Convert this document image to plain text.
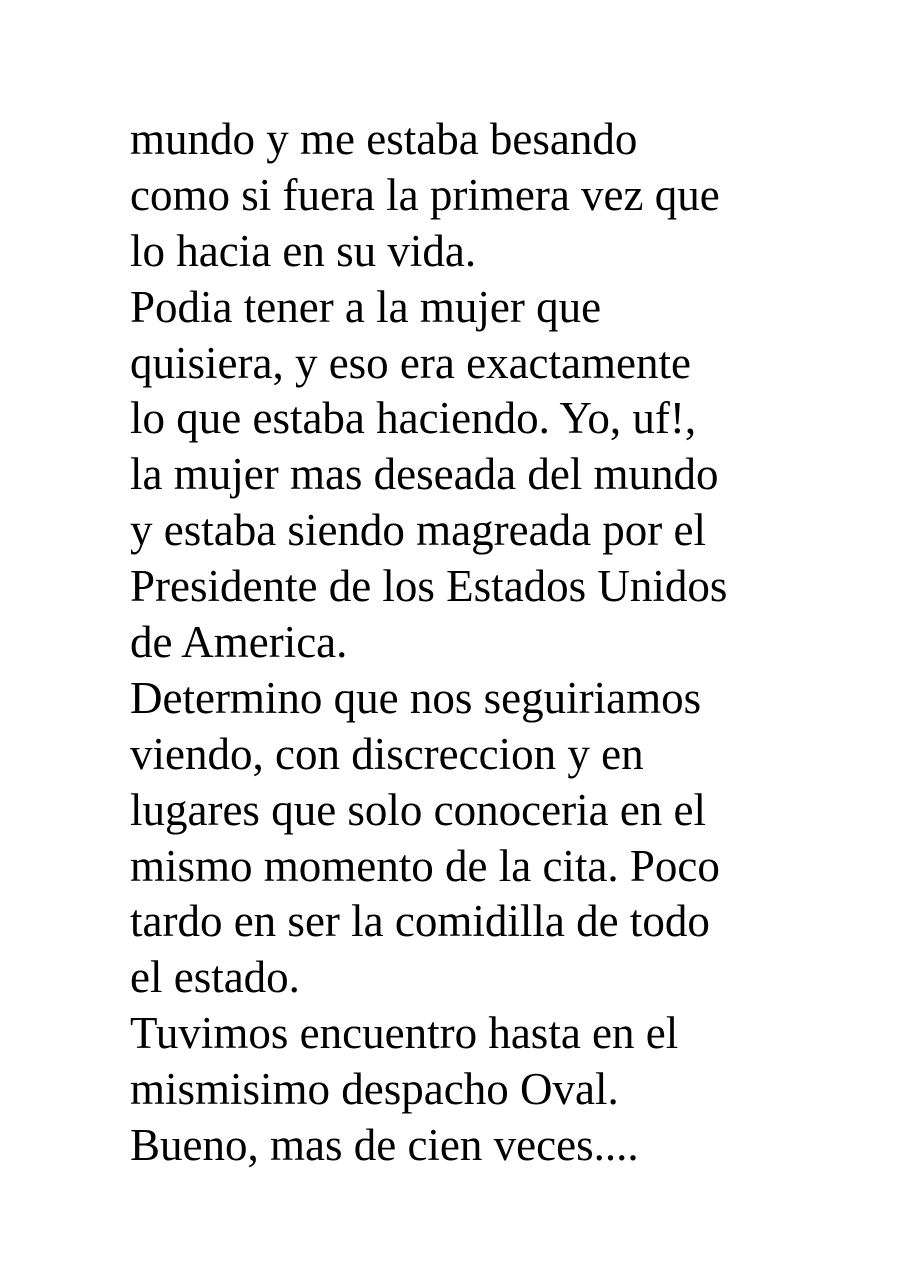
mundo y me estaba besando
como si fuera la primera vez que
lo hacia en su vida.
Podia tener a la mujer que
quisiera, y eso era exactamente
lo que estaba haciendo. Yo, uf!,
la mujer mas deseada del mundo
y estaba siendo magreada por el
Presidente de los Estados Unidos
de America.
Determino que nos seguiriamos
viendo, con discreccion y en
lugares que solo conoceria en el
mismo momento de la cita. Poco
tardo en ser la comidilla de todo
el estado.
Tuvimos encuentro hasta en el
mismisimo despacho Oval.
Bueno, mas de cien veces....
